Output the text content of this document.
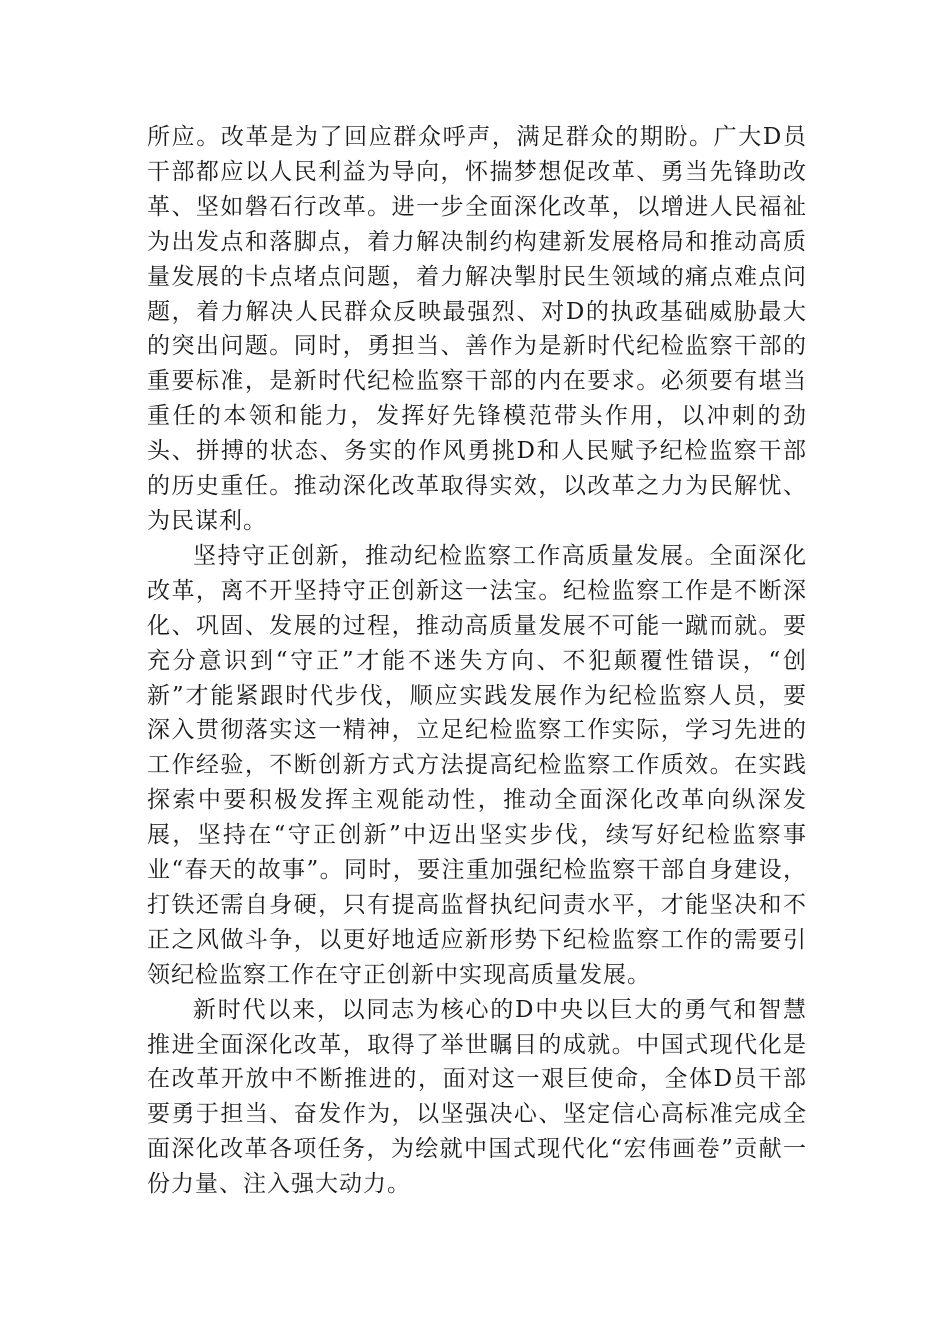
所应。改革是为了回应群众呼声，满足群众的期盼。广大D员干部都应以人民利益为导向，怀揣梦想促改革、勇当先锋助改革、坚如磐石行改革。进一步全面深化改革，以增进人民福祉为出发点和落脚点，着力解决制约构建新发展格局和推动高质量发展的卡点堵点问题，着力解决掣肘民生领域的痛点难点问题，着力解决人民群众反映最强烈、对D的执政基础威胁最大的突出问题。同时，勇担当、善作为是新时代纪检监察干部的重要标准，是新时代纪检监察干部的内在要求。必须要有堪当重任的本领和能力，发挥好先锋模范带头作用，以冲刺的劲头、拼搏的状态、务实的作风勇挑D和人民赋予纪检监察干部的历史重任。推动深化改革取得实效，以改革之力为民解忧、为民谋利。

坚持守正创新，推动纪检监察工作高质量发展。全面深化改革，离不开坚持守正创新这一法宝。纪检监察工作是不断深化、巩固、发展的过程，推动高质量发展不可能一蹴而就。要充分意识到“守正”才能不迷失方向、不犯颠覆性错误，“创新”才能紧跟时代步伐，顺应实践发展作为纪检监察人员，要深入贯彻落实这一精神，立足纪检监察工作实际，学习先进的工作经验，不断创新方式方法提高纪检监察工作质效。在实践探索中要积极发挥主观能动性，推动全面深化改革向纵深发展，坚持在“守正创新”中迈出坚实步伐，续写好纪检监察事业“春天的故事”。同时，要注重加强纪检监察干部自身建设，打铁还需自身硬，只有提高监督执纪问责水平，才能坚决和不正之风做斗争，以更好地适应新形势下纪检监察工作的需要引领纪检监察工作在守正创新中实现高质量发展。

新时代以来，以同志为核心的D中央以巨大的勇气和智慧推进全面深化改革，取得了举世瞩目的成就。中国式现代化是在改革开放中不断推进的，面对这一艰巨使命，全体D员干部要勇于担当、奋发作为，以坚强决心、坚定信心高标准完成全面深化改革各项任务，为绘就中国式现代化“宏伟画卷”贡献一份力量、注入强大动力。
